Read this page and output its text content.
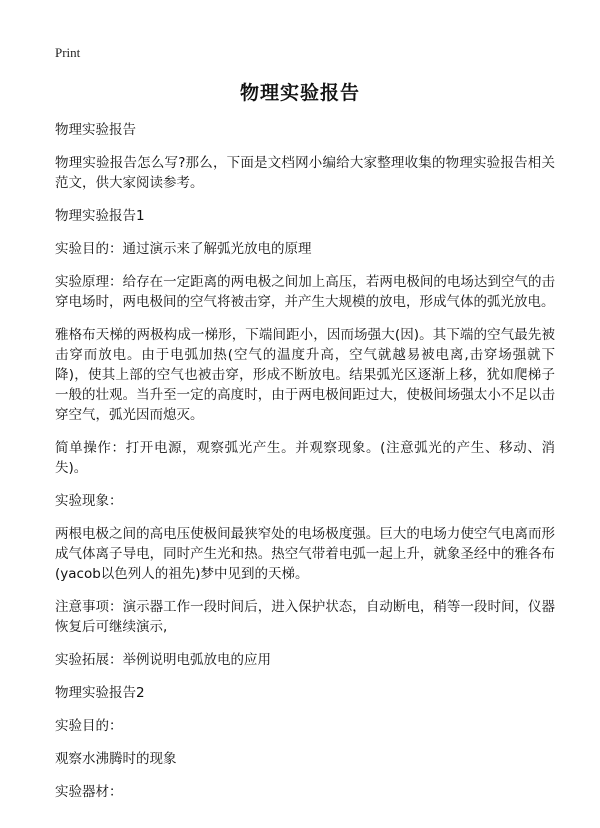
Print
物理实验报告

物理实验报告

物理实验报告怎么写?那么，下面是文档网小编给大家整理收集的物理实验报告相关范文，供大家阅读参考。

物理实验报告1

实验目的：通过演示来了解弧光放电的原理

实验原理：给存在一定距离的两电极之间加上高压，若两电极间的电场达到空气的击穿电场时，两电极间的空气将被击穿，并产生大规模的放电，形成气体的弧光放电。

雅格布天梯的两极构成一梯形，下端间距小，因而场强大(因)。其下端的空气最先被击穿而放电。由于电弧加热(空气的温度升高，空气就越易被电离,击穿场强就下降)，使其上部的空气也被击穿，形成不断放电。结果弧光区逐渐上移，犹如爬梯子一般的壮观。当升至一定的高度时，由于两电极间距过大，使极间场强太小不足以击穿空气，弧光因而熄灭。

简单操作：打开电源，观察弧光产生。并观察现象。(注意弧光的产生、移动、消失)。

实验现象：

两根电极之间的高电压使极间最狭窄处的电场极度强。巨大的电场力使空气电离而形成气体离子导电，同时产生光和热。热空气带着电弧一起上升，就象圣经中的雅各布(yacob以色列人的祖先)梦中见到的天梯。

注意事项：演示器工作一段时间后，进入保护状态，自动断电，稍等一段时间，仪器恢复后可继续演示,

实验拓展：举例说明电弧放电的应用

物理实验报告2

实验目的：

观察水沸腾时的现象

实验器材：
